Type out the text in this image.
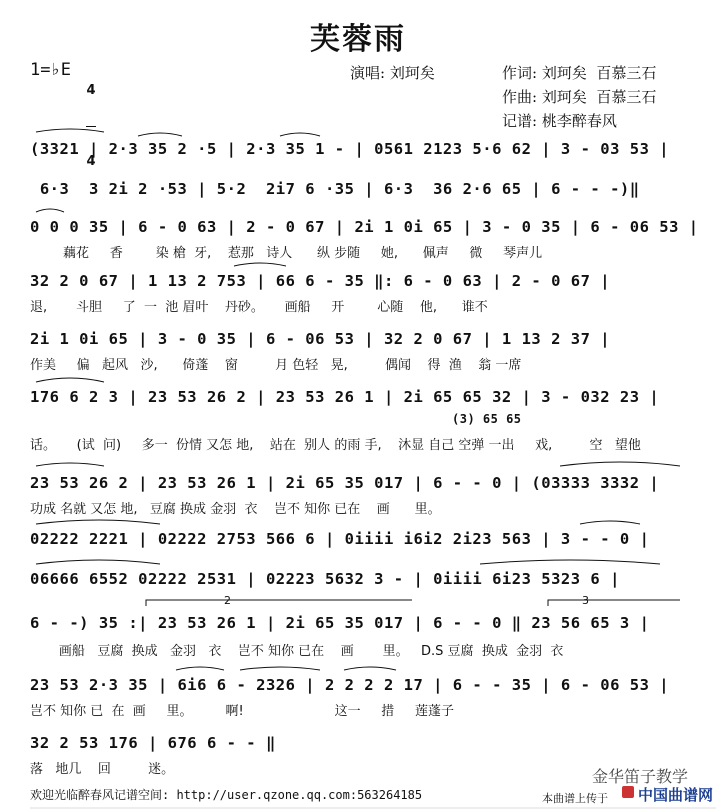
芙蓉雨
1=♭E

4

4

演唱: 刘珂矣	作词: 刘珂矣  百慕三石
作曲: 刘珂矣  百慕三石
记谱: 桃李醉春风
(3321 | 2·3 35 2 ·5 | 2·3 35 1 - | 0561 2123 5·6 62 | 3 - 03 53 |
6·3  3 2i 2 ·53 | 5·2  2i7 6 ·35 | 6·3  36 2·6 65 | 6 - - -)‖
0 0 0 35 | 6 - 0 63 | 2 - 0 67 | 2i 1 0i 65 | 3 - 0 35 | 6 - 06 53 |
藕花     香        染 槍  牙,    惹那   诗人      纵 步随     她,      佩声     微     琴声儿
32 2 0 67 | 1 13 2 753 | 66 6 - 35 ‖: 6 - 0 63 | 2 - 0 67 |
退,       斗胆     了  一  池 眉叶    丹砂。     画船     开        心随    他,      谁不
2i 1 0i 65 | 3 - 0 35 | 6 - 06 53 | 32 2 0 67 | 1 13 2 37 |
作美     偏   起风   沙,      倚蓬    窗         月 色轻   晃,         偶闻    得  渔    翁 一席
176 6 2 3 | 23 53 26 2 | 23 53 26 1 | 2i 65 65 32 | 3 - 032 23 |
(3) 65 65
话。     (试  问)     多一  份情 又怎 地,    站在  别人 的雨 手,    沐显 自己 空弹 一出     戏,         空   望他
23 53 26 2 | 23 53 26 1 | 2i 65 35 017 | 6 - - 0 | (03333 3332 |
功成 名就 又怎 地,   豆腐 换成 金羽  衣    岂不 知你 已在    画      里。
02222 2221 | 02222 2753 566 6 | 0iiii i6i2 2i23 563 | 3 - - 0 |
06666 6552 02222 2531 | 02223 5632 3 - | 0iiii 6i23 5323 6 |
2	3
6 - -) 35 :| 23 53 26 1 | 2i 65 35 017 | 6 - - 0 ‖ 23 56 65 3 |
画船   豆腐  换成   金羽   衣    岂不 知你 已在    画       里。   D.S 豆腐  换成  金羽  衣
23 53 2·3 35 | 6i6 6 - 2326 | 2 2 2 2 17 | 6 - - 35 | 6 - 06 53 |
岂不 知你 已  在  画     里。        啊!                      这一     措     莲蓬子
32 2 53 176 | 676 6 - - ‖
落   地几    回         迷。
欢迎光临醉春风记谱空间: http://user.qzone.qq.com:563264185
金华笛子教学
本曲谱上传于 中国曲谱网
